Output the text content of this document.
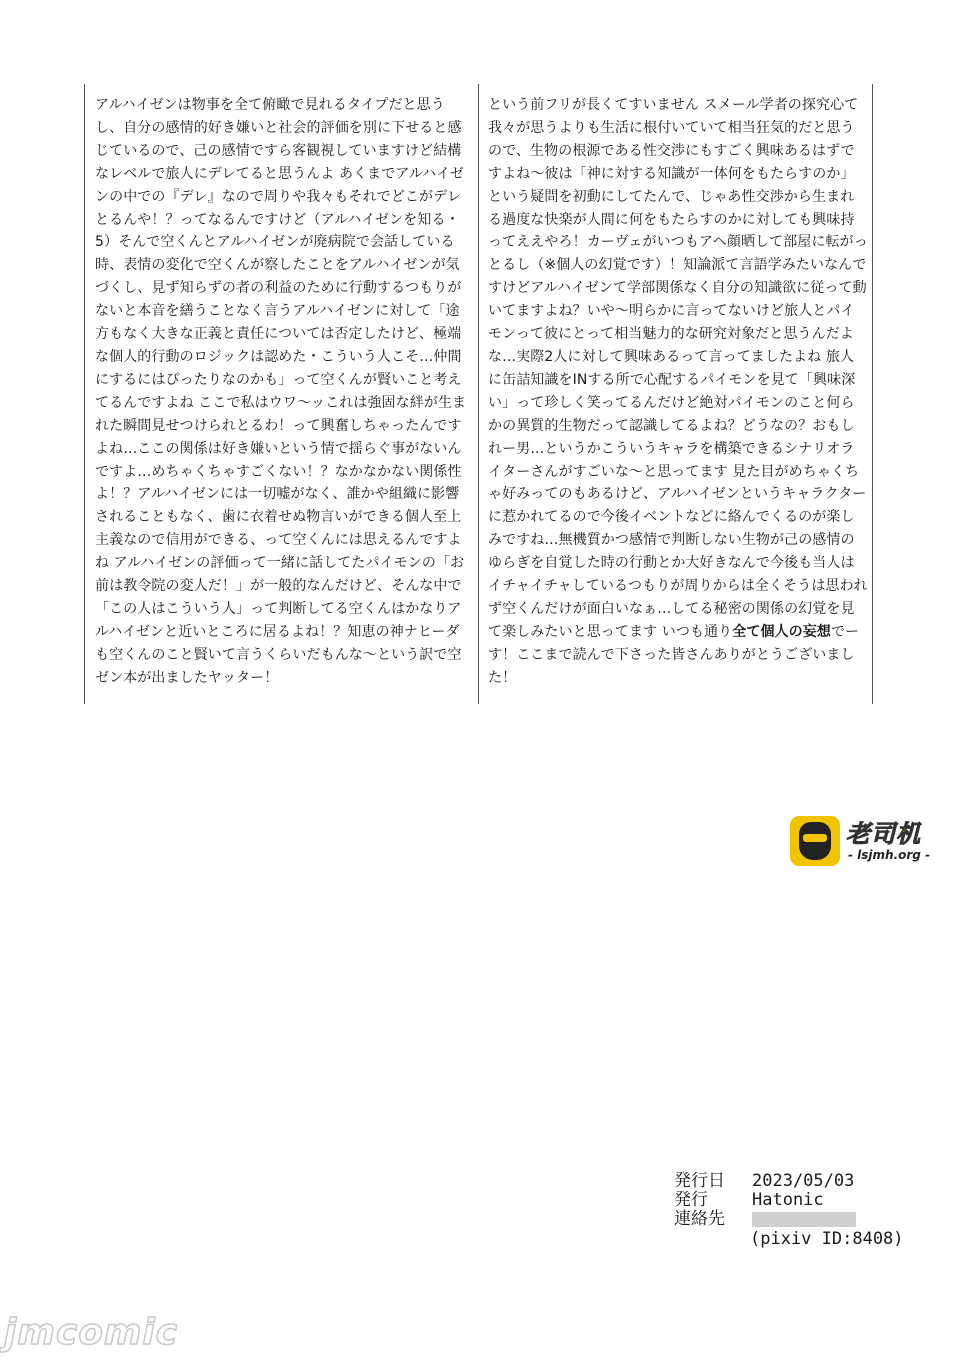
アルハイゼンは物事を全て俯瞰で見れるタイプだと思うし、自分の感情的好き嫌いと社会的評価を別に下せると感じているので、己の感情ですら客観視していますけど結構なレベルで旅人にデレてると思うんよ あくまでアルハイゼンの中での『デレ』なので周りや我々もそれでどこがデレとるんや！？ってなるんですけど（アルハイゼンを知る・5）そんで空くんとアルハイゼンが廃病院で会話している時、表情の変化で空くんが察したことをアルハイゼンが気づくし、見ず知らずの者の利益のために行動するつもりがないと本音を繕うことなく言うアルハイゼンに対して「途方もなく大きな正義と責任については否定したけど、極端な個人的行動のロジックは認めた・こういう人こそ…仲間にするにはぴったりなのかも」って空くんが賢いこと考えてるんですよね ここで私はウワ〜ッこれは強固な絆が生まれた瞬間見せつけられとるわ！って興奮しちゃったんですよね…ここの関係は好き嫌いという情で揺らぐ事がないんですよ…めちゃくちゃすごくない！？なかなかない関係性よ！？アルハイゼンには一切嘘がなく、誰かや組織に影響されることもなく、歯に衣着せぬ物言いができる個人至上主義なので信用ができる、って空くんには思えるんですよね アルハイゼンの評価って一緒に話してたパイモンの「お前は教令院の変人だ！」が一般的なんだけど、そんな中で「この人はこういう人」って判断してる空くんはかなりアルハイゼンと近いところに居るよね！？知恵の神ナヒーダも空くんのこと賢いて言うくらいだもんな〜という訳で空ゼン本が出ましたヤッター！
という前フリが長くてすいません スメール学者の探究心て我々が思うよりも生活に根付いていて相当狂気的だと思うので、生物の根源である性交渉にもすごく興味あるはずですよね〜彼は「神に対する知識が一体何をもたらすのか」という疑問を初動にしてたんで、じゃあ性交渉から生まれる過度な快楽が人間に何をもたらすのかに対しても興味持ってええやろ！カーヴェがいつもアへ顔晒して部屋に転がっとるし（※個人の幻覚です）！知論派て言語学みたいなんですけどアルハイゼンて学部関係なく自分の知識欲に従って動いてますよね？いや〜明らかに言ってないけど旅人とパイモンって彼にとって相当魅力的な研究対象だと思うんだよな…実際2人に対して興味あるって言ってましたよね 旅人に缶詰知識をINする所で心配するパイモンを見て「興味深い」って珍しく笑ってるんだけど絶対パイモンのこと何らかの異質的生物だって認識してるよね？どうなの？おもしれー男…というかこういうキャラを構築できるシナリオライターさんがすごいな〜と思ってます 見た目がめちゃくちゃ好みってのもあるけど、アルハイゼンというキャラクターに惹かれてるので今後イベントなどに絡んでくるのが楽しみですね…無機質かつ感情で判断しない生物が己の感情のゆらぎを自覚した時の行動とか大好きなんで今後も当人はイチャイチャしているつもりが周りからは全くそうは思われず空くんだけが面白いなぁ…してる秘密の関係の幻覚を見て楽しみたいと思ってます いつも通り全て個人の妄想でーす！ここまで読んで下さった皆さんありがとうございました！
老司机
- lsjmh.org -
発行日	2023/05/03
発行	Hatonic
連絡先
(pixiv ID:8408)
jmcomic
